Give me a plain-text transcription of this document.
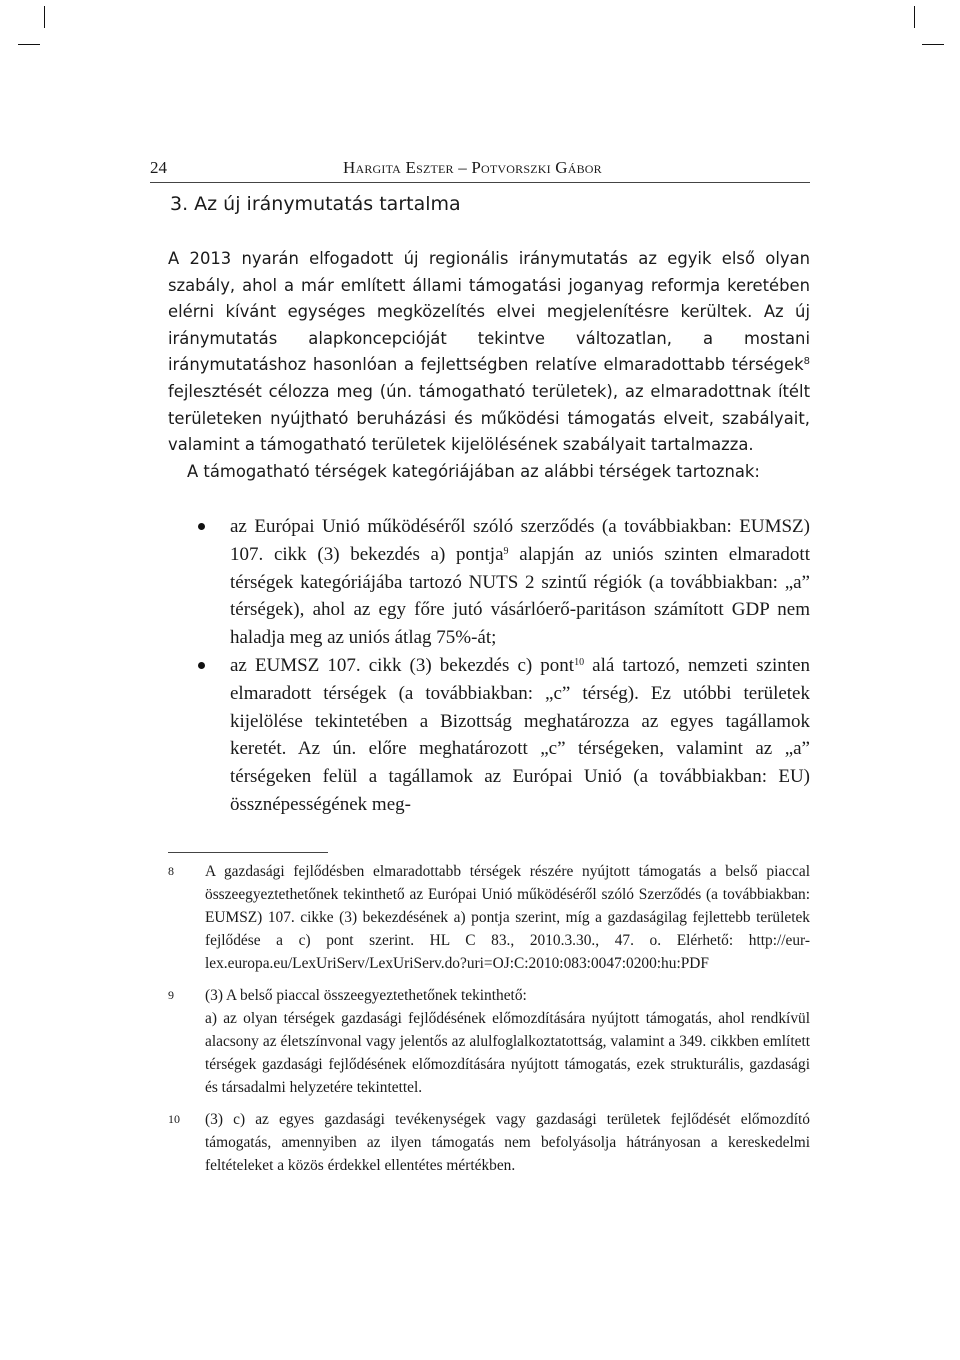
24	Hargita Eszter – Potvorszki Gábor
3. Az új iránymutatás tartalma

A 2013 nyarán elfogadott új regionális iránymutatás az egyik első olyan szabály, ahol a már említett állami támogatási joganyag reformja keretében elérni kívánt egységes megközelítés elvei megjelenítésre kerültek. Az új iránymutatás alapkoncepcióját tekintve változatlan, a mostani iránymutatáshoz hasonlóan a fejlettségben relatíve elmaradottabb térségek$^8$ fejlesztését célozza meg (ún. támogatható területek), az elmaradottnak ítélt területeken nyújtható beruházási és működési támogatás elveit, szabályait, valamint a támogatható területek kijelölésének szabályait tartalmazza.

A támogatható térségek kategóriájában az alábbi térségek tartoznak:

az Európai Unió működéséről szóló szerződés (a továbbiakban: EUMSZ) 107. cikk (3) bekezdés a) pontja$^9$ alapján az uniós szinten elmaradott térségek kategóriájába tartozó NUTS 2 szintű régiók (a továbbiakban: „a” térségek), ahol az egy főre jutó vásárlóerő-paritáson számított GDP nem haladja meg az uniós átlag 75%-át;
az EUMSZ 107. cikk (3) bekezdés c) pont$^{10}$ alá tartozó, nemzeti szinten elmaradott térségek (a továbbiakban: „c” térség). Ez utóbbi területek kijelölése tekintetében a Bizottság meghatározza az egyes tagállamok keretét. Az ún. előre meghatározott „c” térségeken, valamint az „a” térségeken felül a tagállamok az Európai Unió (a továbbiakban: EU) össznépességének meg-
8 A gazdasági fejlődésben elmaradottabb térségek részére nyújtott támogatás a belső piaccal összeegyeztethetőnek tekinthető az Európai Unió működéséről szóló Szerződés (a továbbiakban: EUMSZ) 107. cikke (3) bekezdésének a) pontja szerint, míg a gazdaságilag fejlettebb területek fejlődése a c) pont szerint. HL C 83., 2010.3.30., 47. o. Elérhető: http://eur-lex.europa.eu/LexUriServ/LexUriServ.do?uri=OJ:C:2010:083:0047:0200:hu:PDF
9 (3) A belső piaccal összeegyeztethetőnek tekinthető:
a) az olyan térségek gazdasági fejlődésének előmozdítására nyújtott támogatás, ahol rendkívül alacsony az életszínvonal vagy jelentős az alulfoglalkoztatottság, valamint a 349. cikkben említett térségek gazdasági fejlődésének előmozdítására nyújtott támogatás, ezek strukturális, gazdasági és társadalmi helyzetére tekintettel.
10 (3) c) az egyes gazdasági tevékenységek vagy gazdasági területek fejlődését előmozdító támogatás, amennyiben az ilyen támogatás nem befolyásolja hátrányosan a kereskedelmi feltételeket a közös érdekkel ellentétes mértékben.
